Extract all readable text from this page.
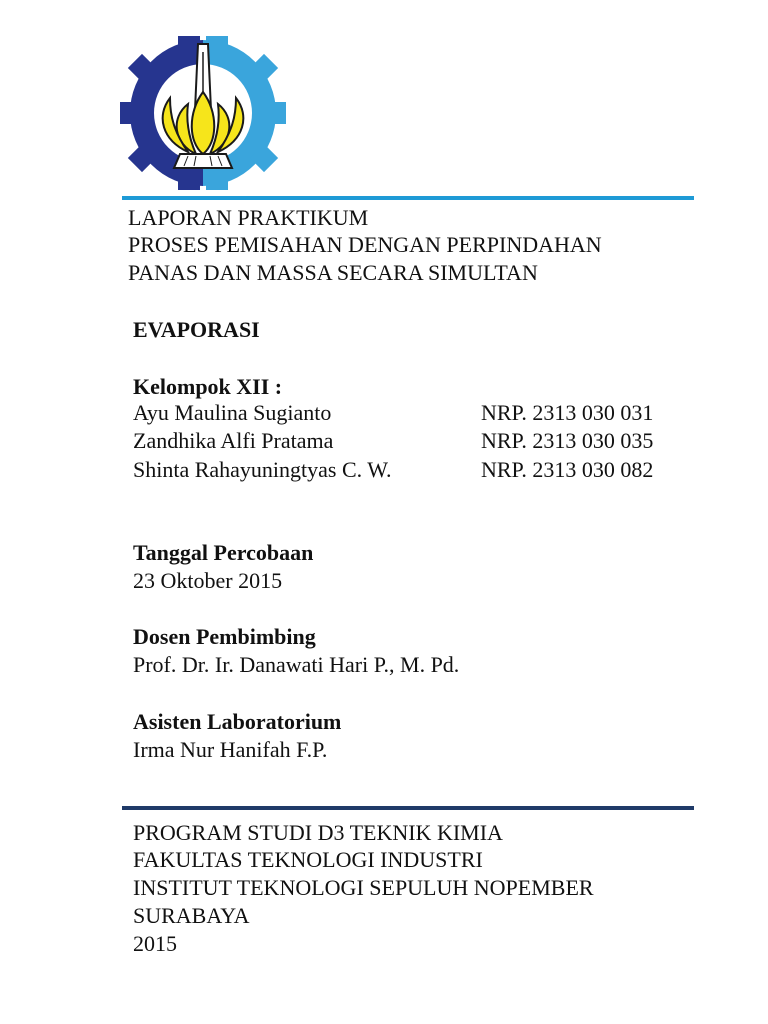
LAPORAN PRAKTIKUM
PROSES PEMISAHAN DENGAN PERPINDAHAN
PANAS DAN MASSA SECARA SIMULTAN
EVAPORASI
Kelompok XII :
Ayu Maulina Sugianto	NRP. 2313 030 031
Zandhika Alfi Pratama	NRP. 2313 030 035
Shinta Rahayuningtyas C. W.	NRP. 2313 030 082
Tanggal Percobaan
23 Oktober 2015
Dosen Pembimbing
Prof. Dr. Ir. Danawati Hari P., M. Pd.
Asisten Laboratorium
Irma Nur Hanifah F.P.
PROGRAM STUDI D3 TEKNIK KIMIA
FAKULTAS TEKNOLOGI INDUSTRI
INSTITUT TEKNOLOGI SEPULUH NOPEMBER
SURABAYA
2015
